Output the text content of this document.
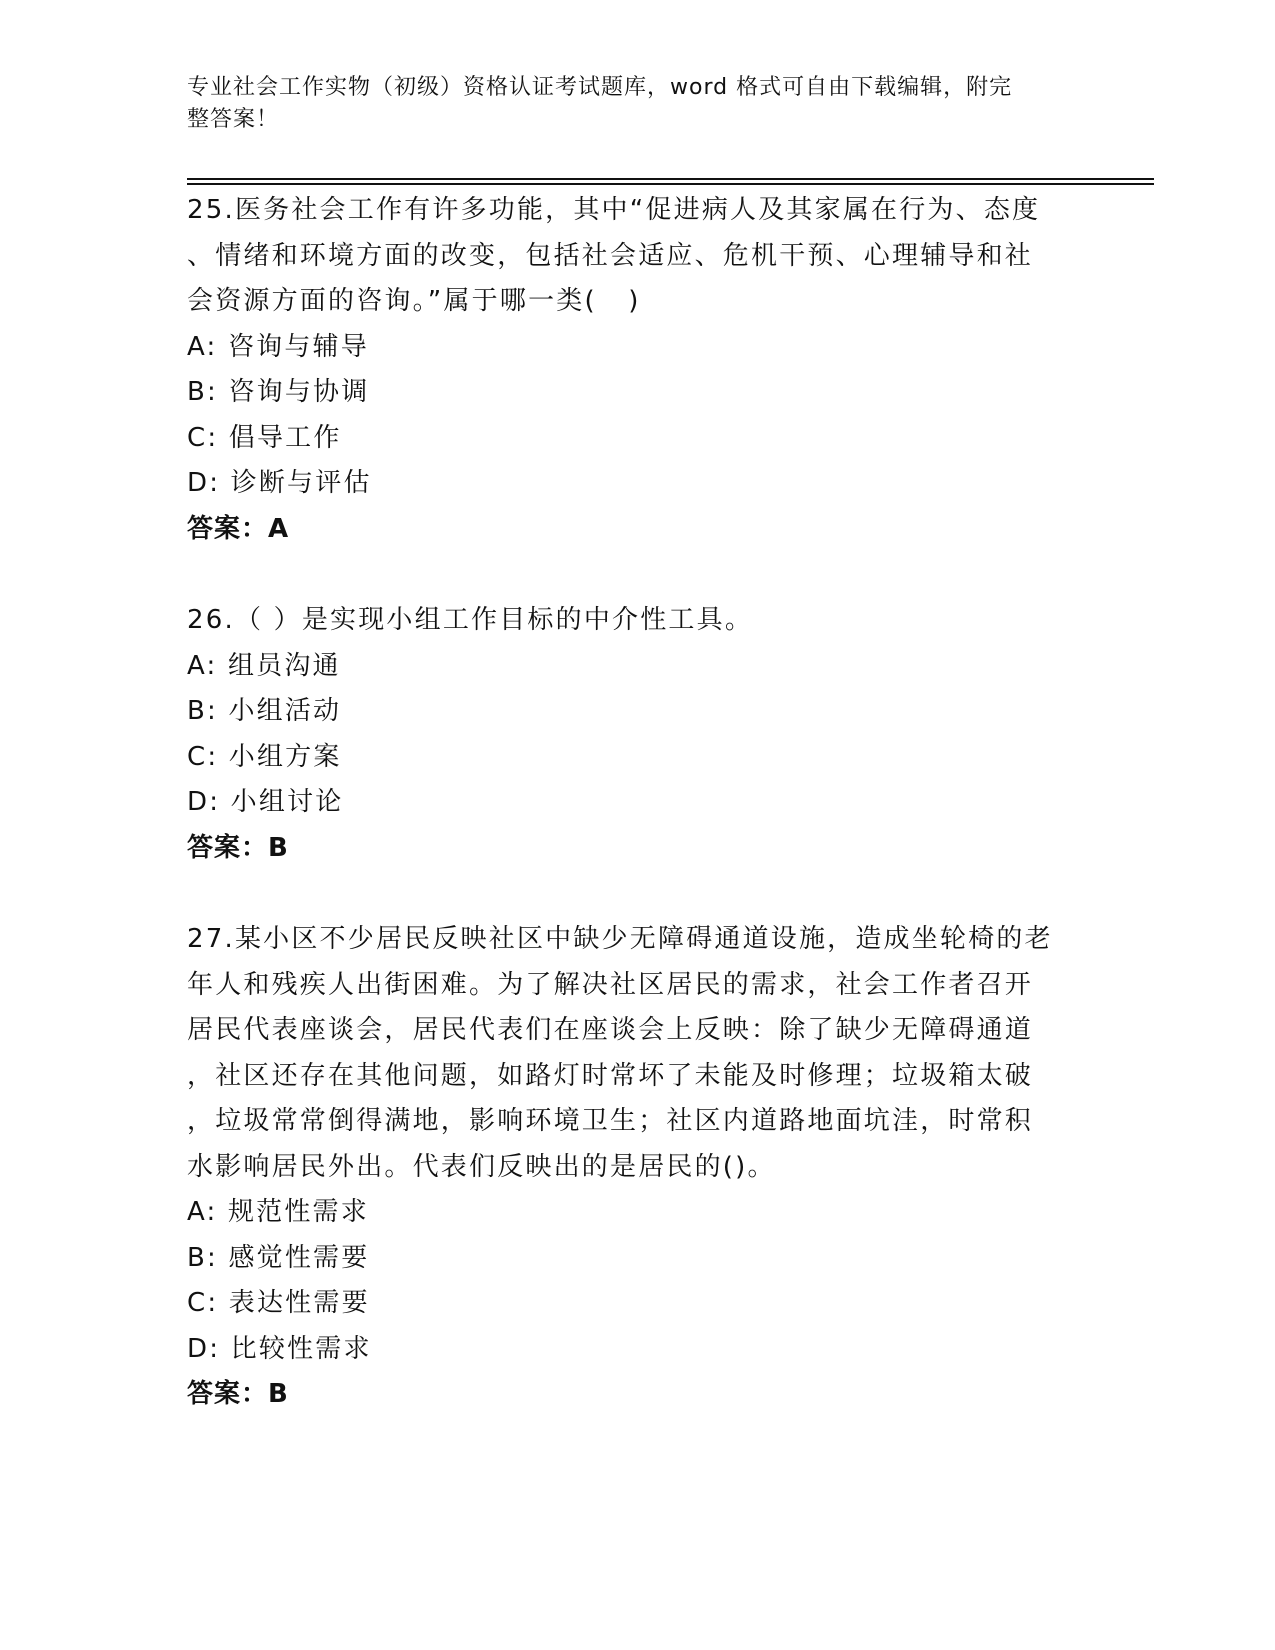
专业社会工作实物（初级）资格认证考试题库，word 格式可自由下载编辑，附完
整答案！

25.医务社会工作有许多功能，其中“促进病人及其家属在行为、态度
、情绪和环境方面的改变，包括社会适应、危机干预、心理辅导和社
会资源方面的咨询。”属于哪一类(   )

A: 咨询与辅导
B: 咨询与协调
C: 倡导工作
D: 诊断与评估
答案：A

26.（ ）是实现小组工作目标的中介性工具。

A: 组员沟通
B: 小组活动
C: 小组方案
D: 小组讨论
答案：B

27.某小区不少居民反映社区中缺少无障碍通道设施，造成坐轮椅的老
年人和残疾人出街困难。为了解决社区居民的需求，社会工作者召开
居民代表座谈会，居民代表们在座谈会上反映：除了缺少无障碍通道
，社区还存在其他问题，如路灯时常坏了未能及时修理；垃圾箱太破
，垃圾常常倒得满地，影响环境卫生；社区内道路地面坑洼，时常积
水影响居民外出。代表们反映出的是居民的()。

A: 规范性需求
B: 感觉性需要
C: 表达性需要
D: 比较性需求
答案：B
